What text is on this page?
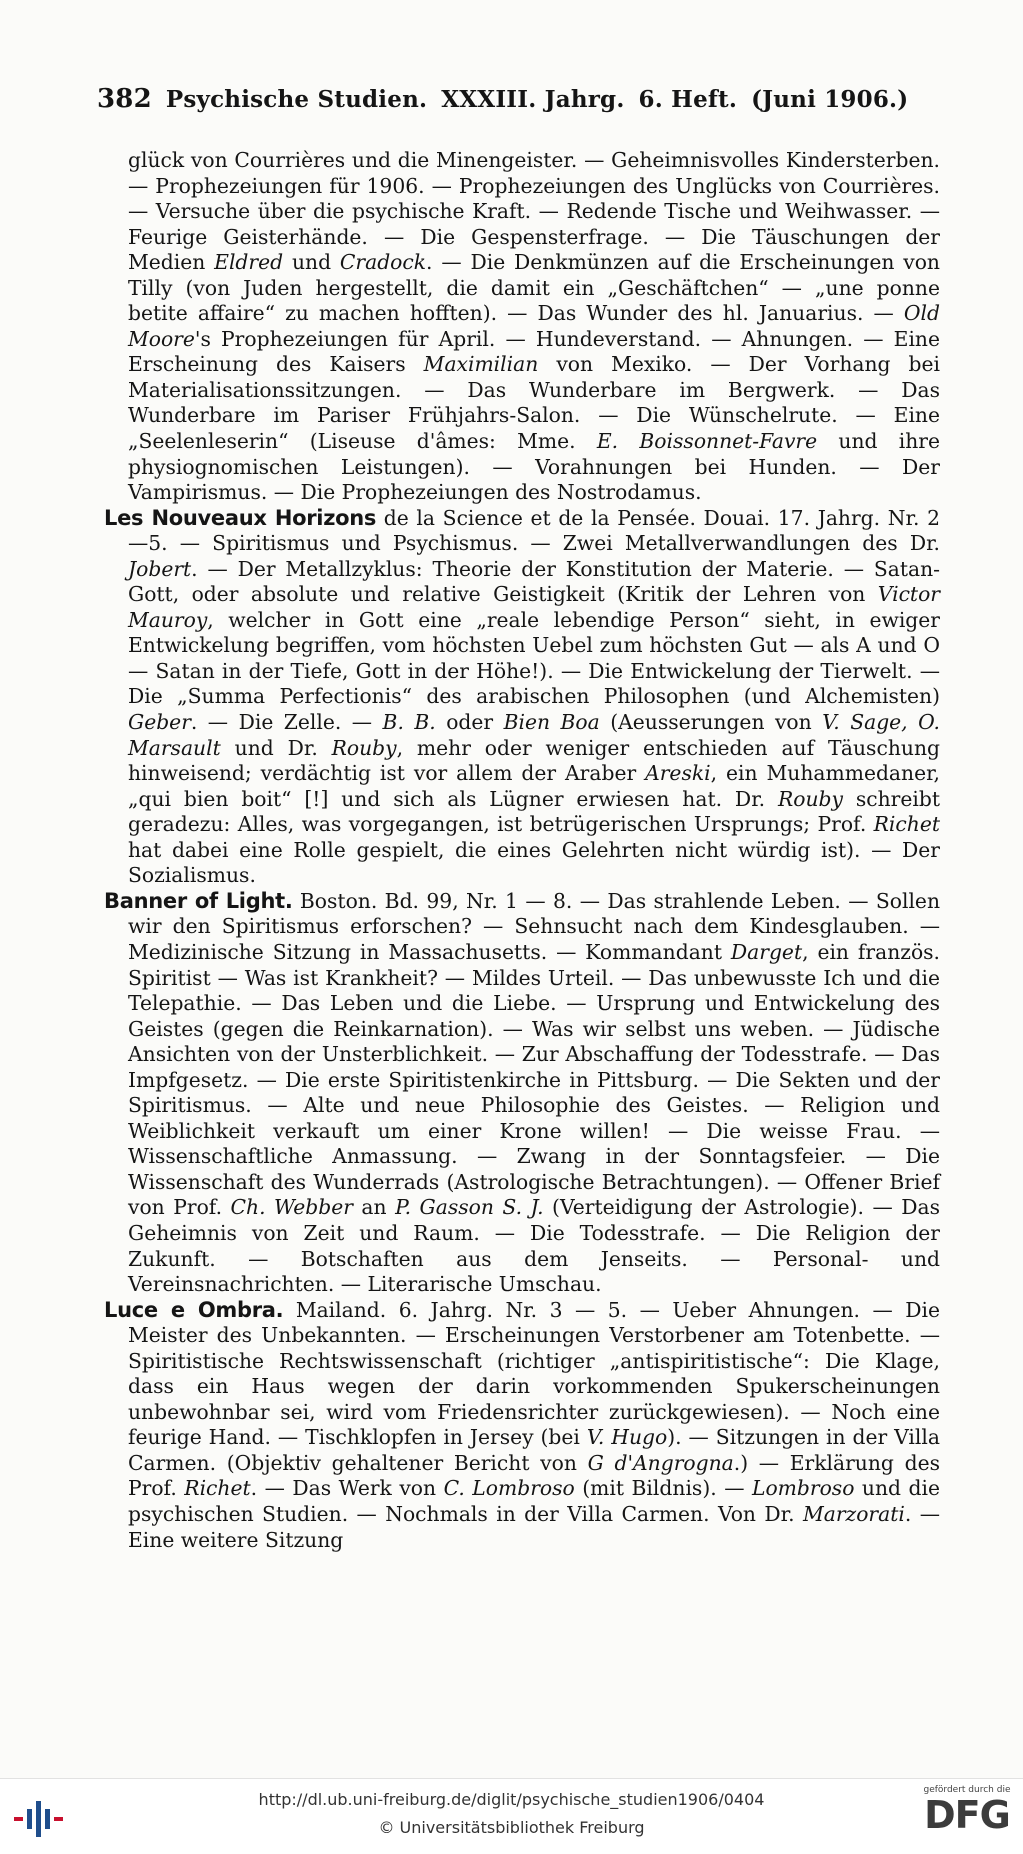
382 Psychische Studien. XXXIII. Jahrg. 6. Heft. (Juni 1906.)

glück von Courrières und die Minengeister. — Geheimnisvolles Kindersterben. — Prophezeiungen für 1906. — Prophezeiungen des Unglücks von Courrières. — Versuche über die psychische Kraft. — Redende Tische und Weihwasser. — Feurige Geisterhände. — Die Gespensterfrage. — Die Täuschungen der Medien Eldred und Cradock. — Die Denkmünzen auf die Erscheinungen von Tilly (von Juden hergestellt, die damit ein „Geschäftchen“ — „une ponne betite affaire“ zu machen hofften). — Das Wunder des hl. Januarius. — Old Moore's Prophezeiungen für April. — Hundeverstand. — Ahnungen. — Eine Erscheinung des Kaisers Maximilian von Mexiko. — Der Vorhang bei Materialisationssitzungen. — Das Wunderbare im Bergwerk. — Das Wunderbare im Pariser Frühjahrs-Salon. — Die Wünschelrute. — Eine „Seelenleserin“ (Liseuse d'âmes: Mme. E. Boissonnet-Favre und ihre physiognomischen Leistungen). — Vorahnungen bei Hunden. — Der Vampirismus. — Die Prophezeiungen des Nostrodamus.

Les Nouveaux Horizons de la Science et de la Pensée. Douai. 17. Jahrg. Nr. 2—5. — Spiritismus und Psychismus. — Zwei Metallverwandlungen des Dr. Jobert. — Der Metallzyklus: Theorie der Konstitution der Materie. — Satan-Gott, oder absolute und relative Geistigkeit (Kritik der Lehren von Victor Mauroy, welcher in Gott eine „reale lebendige Person“ sieht, in ewiger Entwickelung begriffen, vom höchsten Uebel zum höchsten Gut — als A und O — Satan in der Tiefe, Gott in der Höhe!). — Die Entwickelung der Tierwelt. — Die „Summa Perfectionis“ des arabischen Philosophen (und Alchemisten) Geber. — Die Zelle. — B. B. oder Bien Boa (Aeusserungen von V. Sage, O. Marsault und Dr. Rouby, mehr oder weniger entschieden auf Täuschung hinweisend; verdächtig ist vor allem der Araber Areski, ein Muhammedaner, „qui bien boit“ [!] und sich als Lügner erwiesen hat. Dr. Rouby schreibt geradezu: Alles, was vorgegangen, ist betrügerischen Ursprungs; Prof. Richet hat dabei eine Rolle gespielt, die eines Gelehrten nicht würdig ist). — Der Sozialismus.

Banner of Light. Boston. Bd. 99, Nr. 1 — 8. — Das strahlende Leben. — Sollen wir den Spiritismus erforschen? — Sehnsucht nach dem Kindesglauben. — Medizinische Sitzung in Massachusetts. — Kommandant Darget, ein französ. Spiritist — Was ist Krankheit? — Mildes Urteil. — Das unbewusste Ich und die Telepathie. — Das Leben und die Liebe. — Ursprung und Entwickelung des Geistes (gegen die Reinkarnation). — Was wir selbst uns weben. — Jüdische Ansichten von der Unsterblichkeit. — Zur Abschaffung der Todesstrafe. — Das Impfgesetz. — Die erste Spiritistenkirche in Pittsburg. — Die Sekten und der Spiritismus. — Alte und neue Philosophie des Geistes. — Religion und Weiblichkeit verkauft um einer Krone willen! — Die weisse Frau. — Wissenschaftliche Anmassung. — Zwang in der Sonntagsfeier. — Die Wissenschaft des Wunderrads (Astrologische Betrachtungen). — Offener Brief von Prof. Ch. Webber an P. Gasson S. J. (Verteidigung der Astrologie). — Das Geheimnis von Zeit und Raum. — Die Todesstrafe. — Die Religion der Zukunft. — Botschaften aus dem Jenseits. — Personal- und Vereinsnachrichten. — Literarische Umschau.

Luce e Ombra. Mailand. 6. Jahrg. Nr. 3 — 5. — Ueber Ahnungen. — Die Meister des Unbekannten. — Erscheinungen Verstorbener am Totenbette. — Spiritistische Rechtswissenschaft (richtiger „antispiritistische“: Die Klage, dass ein Haus wegen der darin vorkommenden Spukerscheinungen unbewohnbar sei, wird vom Friedensrichter zurückgewiesen). — Noch eine feurige Hand. — Tischklopfen in Jersey (bei V. Hugo). — Sitzungen in der Villa Carmen. (Objektiv gehaltener Bericht von G d'Angrogna.) — Erklärung des Prof. Richet. — Das Werk von C. Lombroso (mit Bildnis). — Lombroso und die psychischen Studien. — Nochmals in der Villa Carmen. Von Dr. Marzorati. — Eine weitere Sitzung

http://dl.ub.uni-freiburg.de/diglit/psychische_studien1906/0404
© Universitätsbibliothek Freiburg
gefördert durch die
DFG
